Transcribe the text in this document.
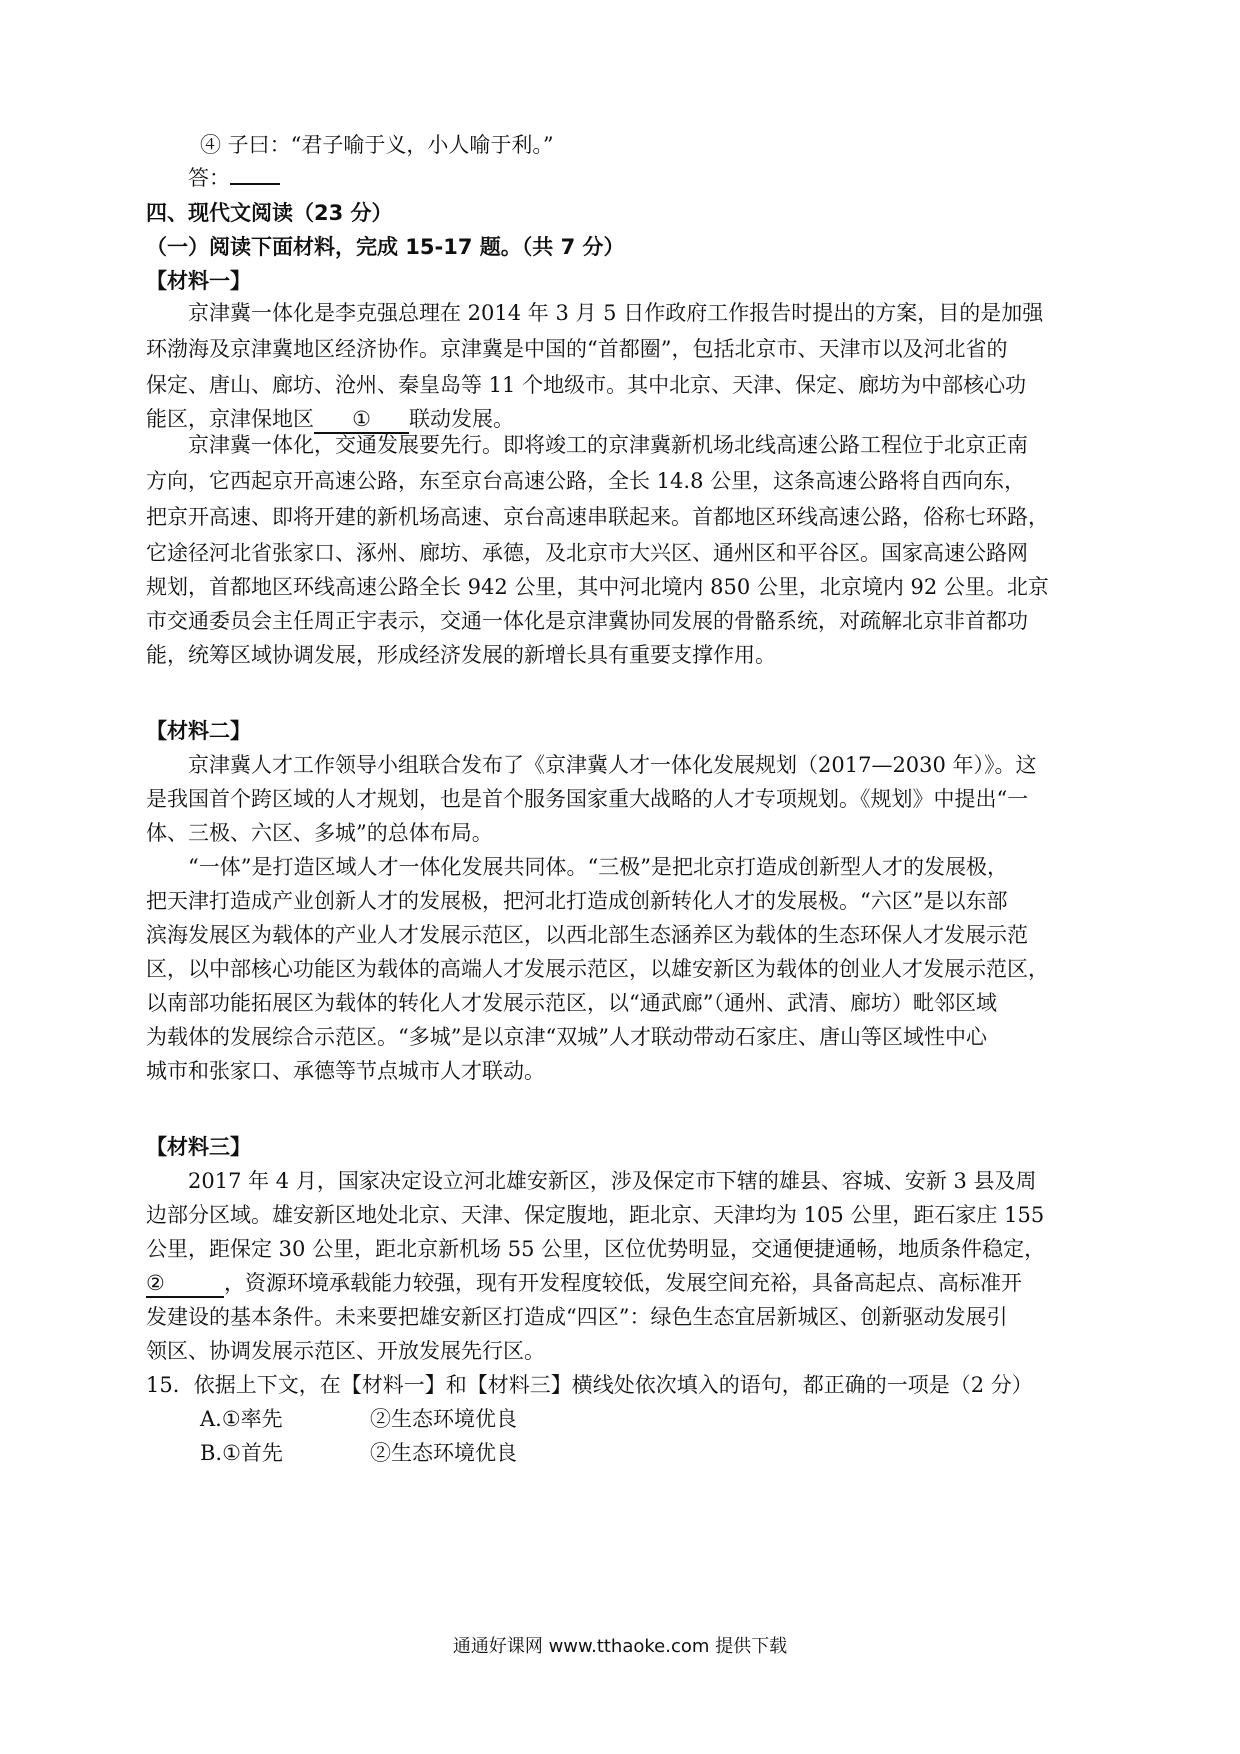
④ 子曰：“君子喻于义，小人喻于利。”
答：
四、现代文阅读（23 分）
（一）阅读下面材料，完成 15-17 题。（共 7 分）
【材料一】
京津冀一体化是李克强总理在 2014 年 3 月 5 日作政府工作报告时提出的方案，目的是加强
环渤海及京津冀地区经济协作。京津冀是中国的“首都圈”，包括北京市、天津市以及河北省的
保定、唐山、廊坊、沧州、秦皇岛等 11 个地级市。其中北京、天津、保定、廊坊为中部核心功
能区，京津保地区 ① 联动发展。
京津冀一体化，交通发展要先行。即将竣工的京津冀新机场北线高速公路工程位于北京正南
方向，它西起京开高速公路，东至京台高速公路，全长 14.8 公里，这条高速公路将自西向东，
把京开高速、即将开建的新机场高速、京台高速串联起来。首都地区环线高速公路，俗称七环路，
它途径河北省张家口、涿州、廊坊、承德，及北京市大兴区、通州区和平谷区。国家高速公路网
规划，首都地区环线高速公路全长 942 公里，其中河北境内 850 公里，北京境内 92 公里。北京
市交通委员会主任周正宇表示，交通一体化是京津冀协同发展的骨骼系统，对疏解北京非首都功
能，统筹区域协调发展，形成经济发展的新增长具有重要支撑作用。
【材料二】
京津冀人才工作领导小组联合发布了《京津冀人才一体化发展规划（2017—2030 年）》。这
是我国首个跨区域的人才规划，也是首个服务国家重大战略的人才专项规划。《规划》中提出“一
体、三极、六区、多城”的总体布局。
“一体”是打造区域人才一体化发展共同体。“三极”是把北京打造成创新型人才的发展极，
把天津打造成产业创新人才的发展极，把河北打造成创新转化人才的发展极。“六区”是以东部
滨海发展区为载体的产业人才发展示范区，以西北部生态涵养区为载体的生态环保人才发展示范
区，以中部核心功能区为载体的高端人才发展示范区，以雄安新区为载体的创业人才发展示范区，
以南部功能拓展区为载体的转化人才发展示范区，以“通武廊”（通州、武清、廊坊）毗邻区域
为载体的发展综合示范区。“多城”是以京津“双城”人才联动带动石家庄、唐山等区域性中心
城市和张家口、承德等节点城市人才联动。
【材料三】
2017 年 4 月，国家决定设立河北雄安新区，涉及保定市下辖的雄县、容城、安新 3 县及周
边部分区域。雄安新区地处北京、天津、保定腹地，距北京、天津均为 105 公里，距石家庄 155
公里，距保定 30 公里，距北京新机场 55 公里，区位优势明显，交通便捷通畅，地质条件稳定，
②	，资源环境承载能力较强，现有开发程度较低，发展空间充裕，具备高起点、高标准开
发建设的基本条件。未来要把雄安新区打造成“四区”：绿色生态宜居新城区、创新驱动发展引
领区、协调发展示范区、开放发展先行区。
15．依据上下文，在【材料一】和【材料三】横线处依次填入的语句，都正确的一项是（2 分）
A.①率先	②生态环境优良
B.①首先	②生态环境优良
通通好课网 www.tthaoke.com 提供下载
